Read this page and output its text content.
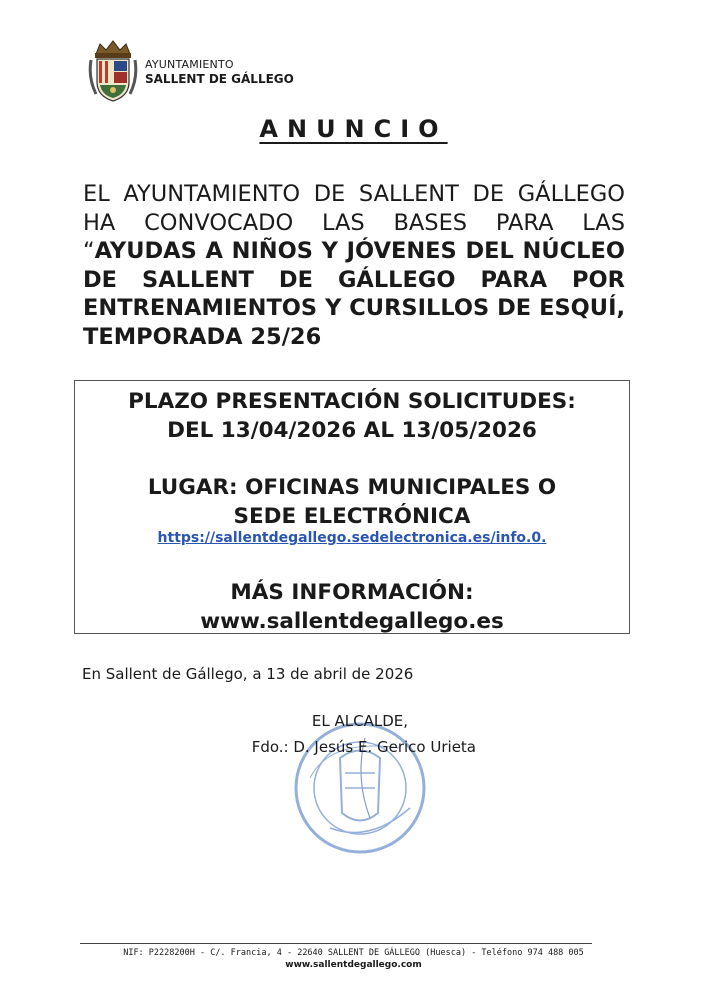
AYUNTAMIENTO
SALLENT DE GÁLLEGO
ANUNCIO
EL AYUNTAMIENTO DE SALLENT DE GÁLLEGO HA CONVOCADO LAS BASES PARA LAS “AYUDAS A NIÑOS Y JÓVENES DEL NÚCLEO DE SALLENT DE GÁLLEGO PARA POR ENTRENAMIENTOS Y CURSILLOS DE ESQUÍ, TEMPORADA 25/26
PLAZO PRESENTACIÓN SOLICITUDES:
DEL 13/04/2026 AL 13/05/2026
LUGAR: OFICINAS MUNICIPALES O
SEDE ELECTRÓNICA
https://sallentdegallego.sedelectronica.es/info.0.
MÁS INFORMACIÓN:
www.sallentdegallego.es
En Sallent de Gállego, a 13 de abril de 2026
EL ALCALDE,
Fdo.: D. Jesús E. Gerico Urieta
NIF: P2228200H - C/. Francia, 4 - 22640 SALLENT DE GÁLLEGO (Huesca) - Teléfono 974 488 005
www.sallentdegallego.com
